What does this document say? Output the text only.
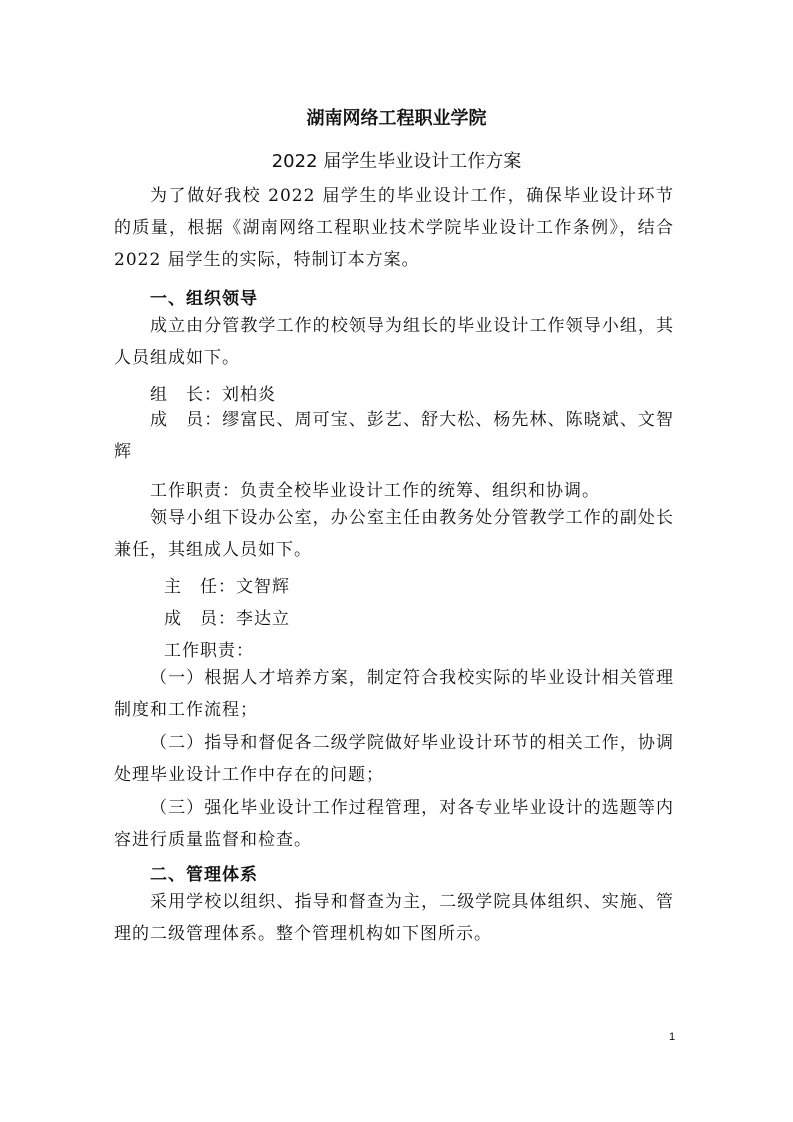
湖南网络工程职业学院
2022 届学生毕业设计工作方案
为了做好我校 2022 届学生的毕业设计工作，确保毕业设计环节的质量，根据《湖南网络工程职业技术学院毕业设计工作条例》，结合 2022 届学生的实际，特制订本方案。
一、组织领导
成立由分管教学工作的校领导为组长的毕业设计工作领导小组，其人员组成如下。
组　长：刘柏炎
成　员：缪富民、周可宝、彭艺、舒大松、杨先林、陈晓斌、文智辉
工作职责：负责全校毕业设计工作的统筹、组织和协调。
领导小组下设办公室，办公室主任由教务处分管教学工作的副处长兼任，其组成人员如下。
主　任：文智辉
成　员：李达立
工作职责：
（一）根据人才培养方案，制定符合我校实际的毕业设计相关管理制度和工作流程；
（二）指导和督促各二级学院做好毕业设计环节的相关工作，协调处理毕业设计工作中存在的问题；
（三）强化毕业设计工作过程管理，对各专业毕业设计的选题等内容进行质量监督和检查。
二、管理体系
采用学校以组织、指导和督查为主，二级学院具体组织、实施、管理的二级管理体系。整个管理机构如下图所示。
1
